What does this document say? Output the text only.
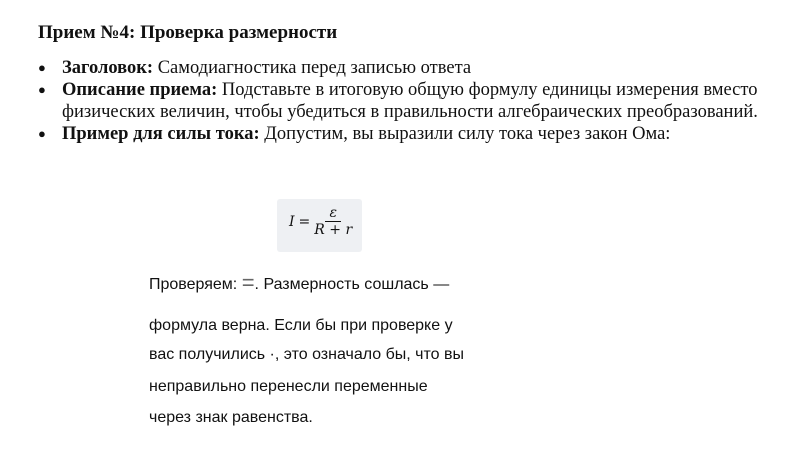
Прием №4: Проверка размерности
● Заголовок: Самодиагностика перед записью ответа
● Описание приема: Подставьте в итоговую общую формулу единицы измерения вместо физических величин, чтобы убедиться в правильности алгебраических преобразований.
● Пример для силы тока: Допустим, вы выразили силу тока через закон Ома:
$I = \frac{\varepsilon}{R + r}$
Проверяем: =. Размерность сошлась —
формула верна. Если бы при проверке у
вас получились ·, это означало бы, что вы
неправильно перенесли переменные
через знак равенства.
